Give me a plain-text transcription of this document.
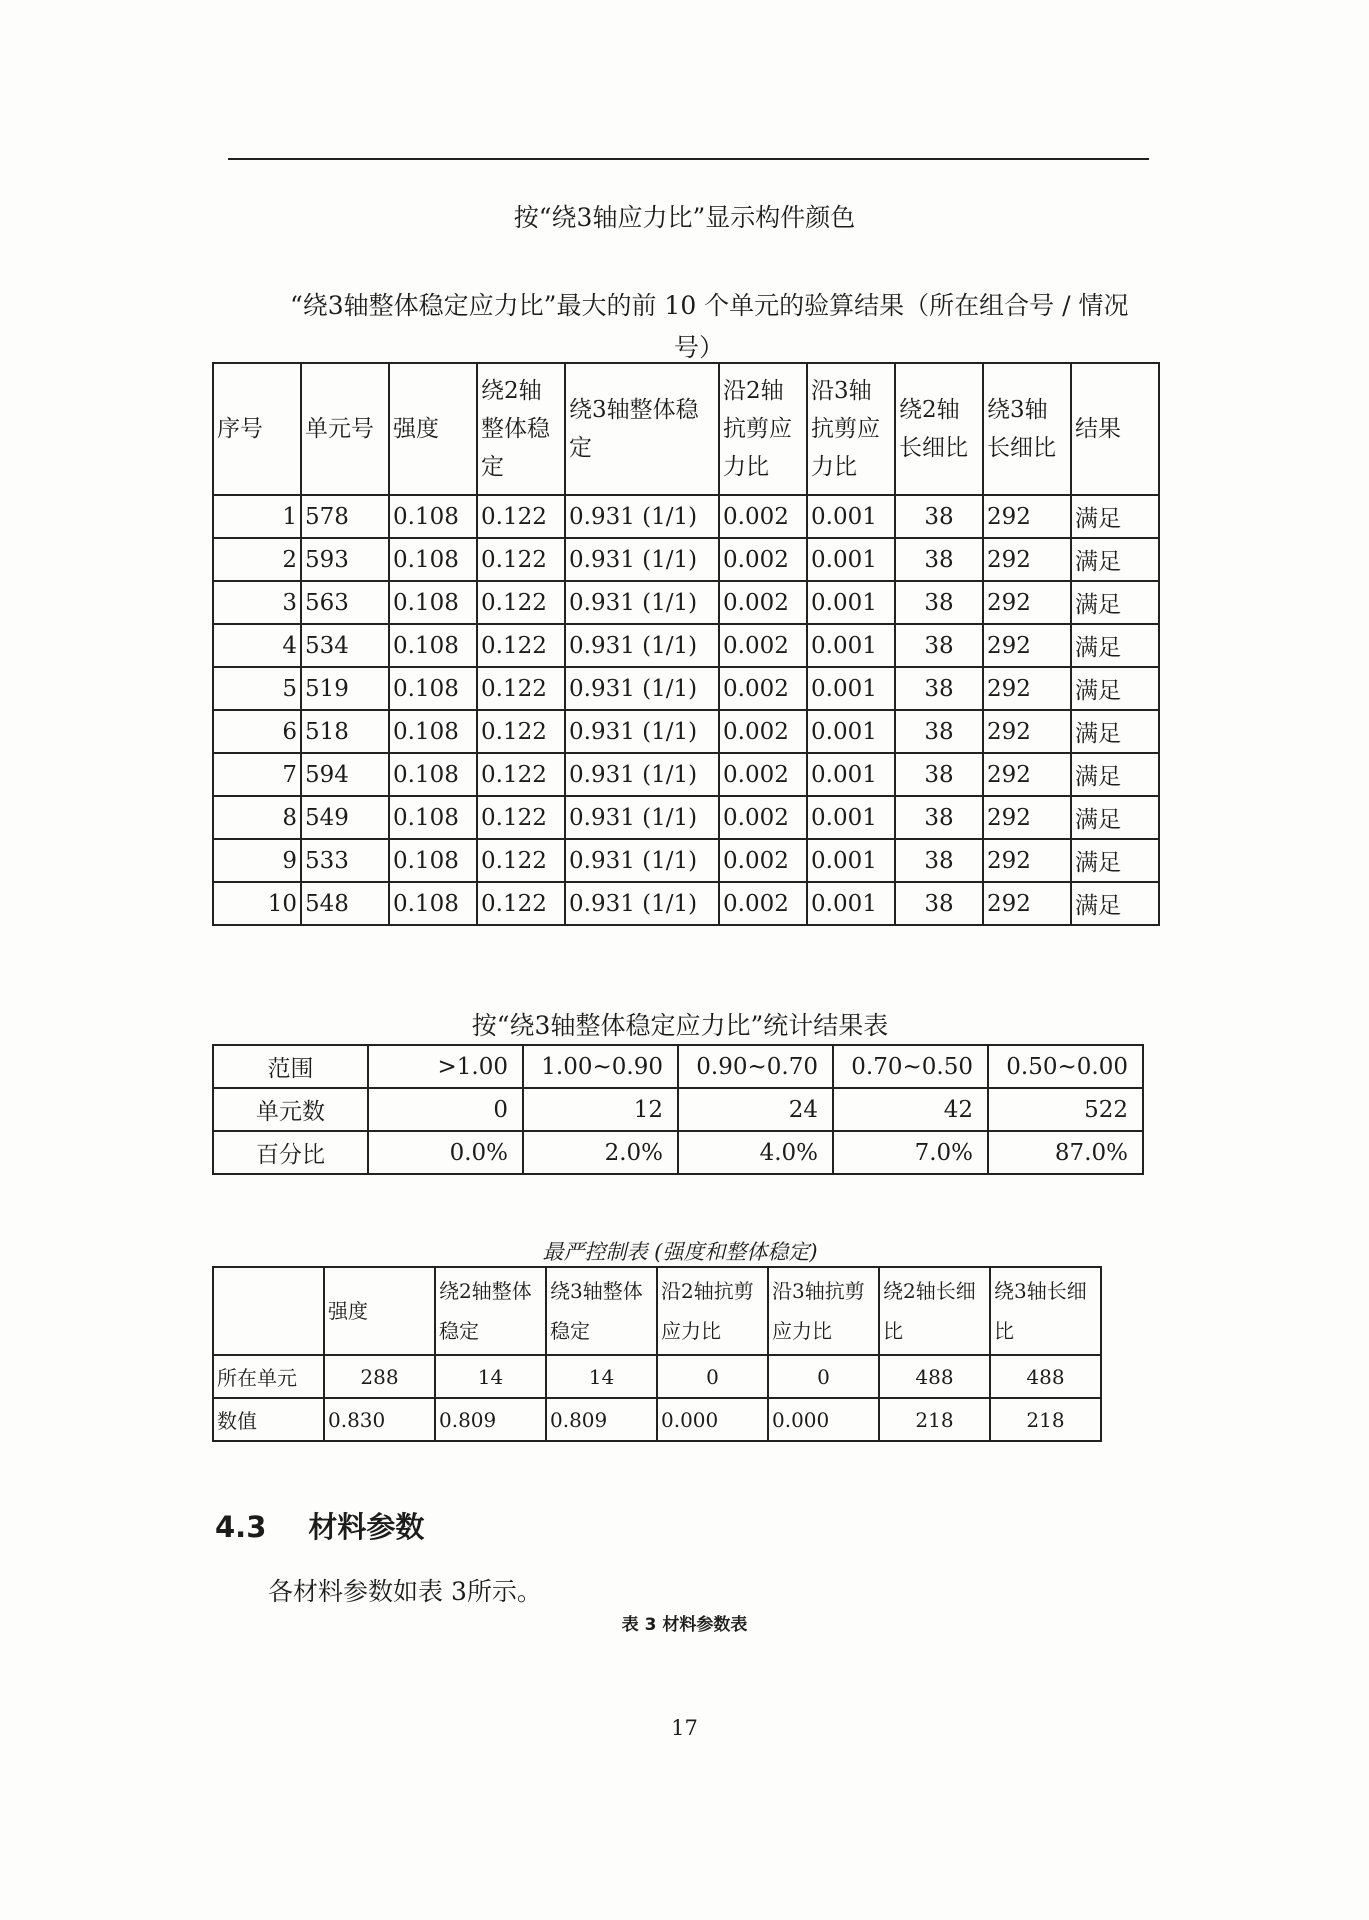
按“绕3轴应力比”显示构件颜色
“绕3轴整体稳定应力比”最大的前 10 个单元的验算结果（所在组合号 / 情况
号）
序号	单元号	强度	绕2轴整体稳定	绕3轴整体稳定	沿2轴抗剪应力比	沿3轴抗剪应力比	绕2轴长细比	绕3轴长细比	结果
1	578	0.108	0.122	0.931 (1/1)	0.002	0.001	38	292	满足
2	593	0.108	0.122	0.931 (1/1)	0.002	0.001	38	292	满足
3	563	0.108	0.122	0.931 (1/1)	0.002	0.001	38	292	满足
4	534	0.108	0.122	0.931 (1/1)	0.002	0.001	38	292	满足
5	519	0.108	0.122	0.931 (1/1)	0.002	0.001	38	292	满足
6	518	0.108	0.122	0.931 (1/1)	0.002	0.001	38	292	满足
7	594	0.108	0.122	0.931 (1/1)	0.002	0.001	38	292	满足
8	549	0.108	0.122	0.931 (1/1)	0.002	0.001	38	292	满足
9	533	0.108	0.122	0.931 (1/1)	0.002	0.001	38	292	满足
10	548	0.108	0.122	0.931 (1/1)	0.002	0.001	38	292	满足
按“绕3轴整体稳定应力比”统计结果表
范围	>1.00	1.00~0.90	0.90~0.70	0.70~0.50	0.50~0.00
单元数	0	12	24	42	522
百分比	0.0%	2.0%	4.0%	7.0%	87.0%
最严控制表 (强度和整体稳定)
	强度	绕2轴整体稳定	绕3轴整体稳定	沿2轴抗剪应力比	沿3轴抗剪应力比	绕2轴长细比	绕3轴长细比
所在单元	288	14	14	0	0	488	488
数值	0.830	0.809	0.809	0.000	0.000	218	218
4.3 材料参数
各材料参数如表 3所示。
表 3 材料参数表
17
